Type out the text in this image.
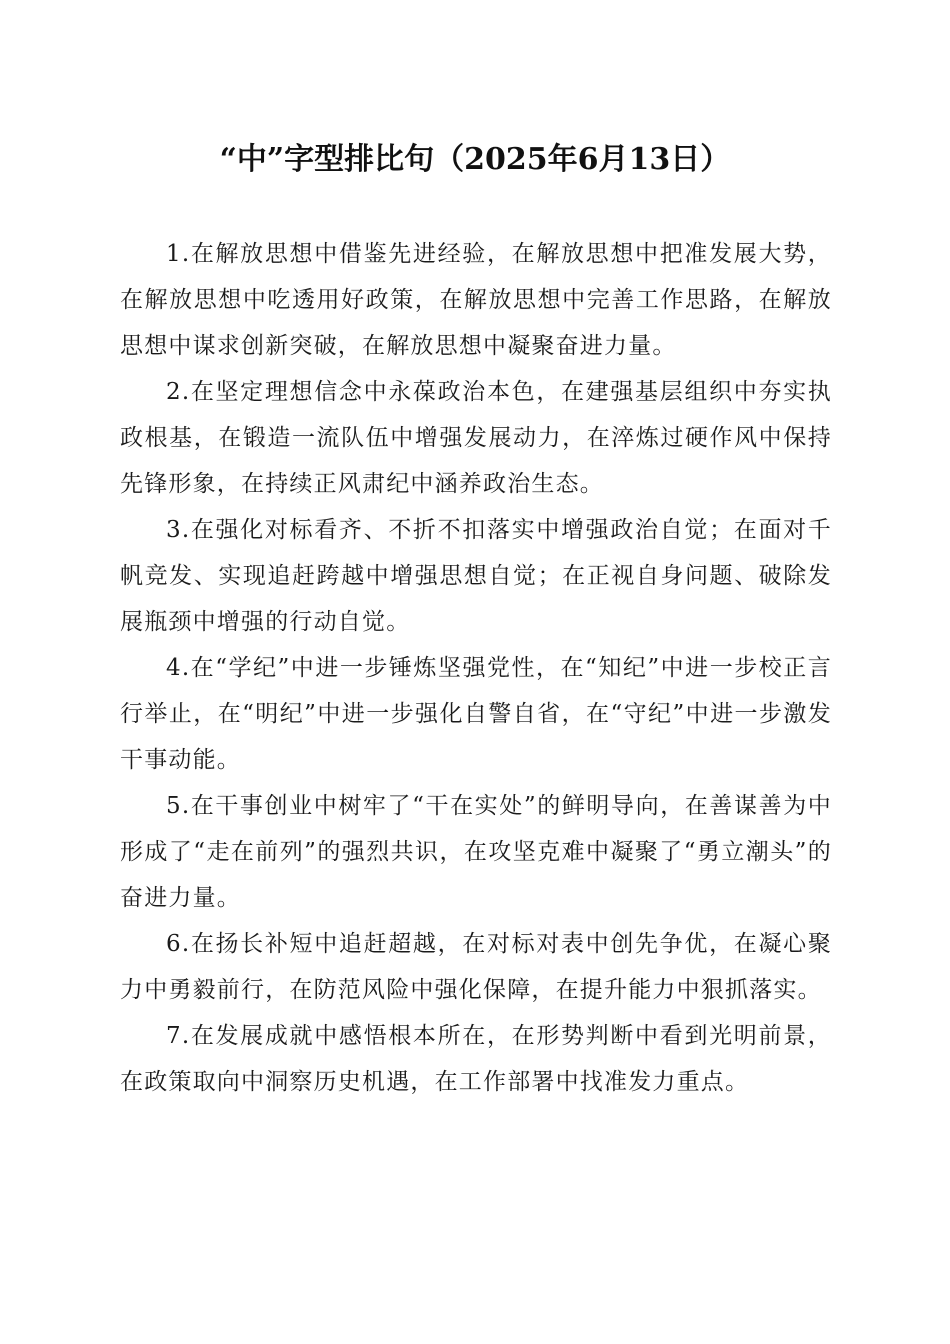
“中”字型排比句（2025年6月13日）

1.在解放思想中借鉴先进经验，在解放思想中把准发展大势，在解放思想中吃透用好政策，在解放思想中完善工作思路，在解放思想中谋求创新突破，在解放思想中凝聚奋进力量。

2.在坚定理想信念中永葆政治本色，在建强基层组织中夯实执政根基，在锻造一流队伍中增强发展动力，在淬炼过硬作风中保持先锋形象，在持续正风肃纪中涵养政治生态。

3.在强化对标看齐、不折不扣落实中增强政治自觉；在面对千帆竞发、实现追赶跨越中增强思想自觉；在正视自身问题、破除发展瓶颈中增强的行动自觉。

4.在“学纪”中进一步锤炼坚强党性，在“知纪”中进一步校正言行举止，在“明纪”中进一步强化自警自省，在“守纪”中进一步激发干事动能。

5.在干事创业中树牢了“干在实处”的鲜明导向，在善谋善为中形成了“走在前列”的强烈共识，在攻坚克难中凝聚了“勇立潮头”的奋进力量。

6.在扬长补短中追赶超越，在对标对表中创先争优，在凝心聚力中勇毅前行，在防范风险中强化保障，在提升能力中狠抓落实。

7.在发展成就中感悟根本所在，在形势判断中看到光明前景，在政策取向中洞察历史机遇，在工作部署中找准发力重点。
